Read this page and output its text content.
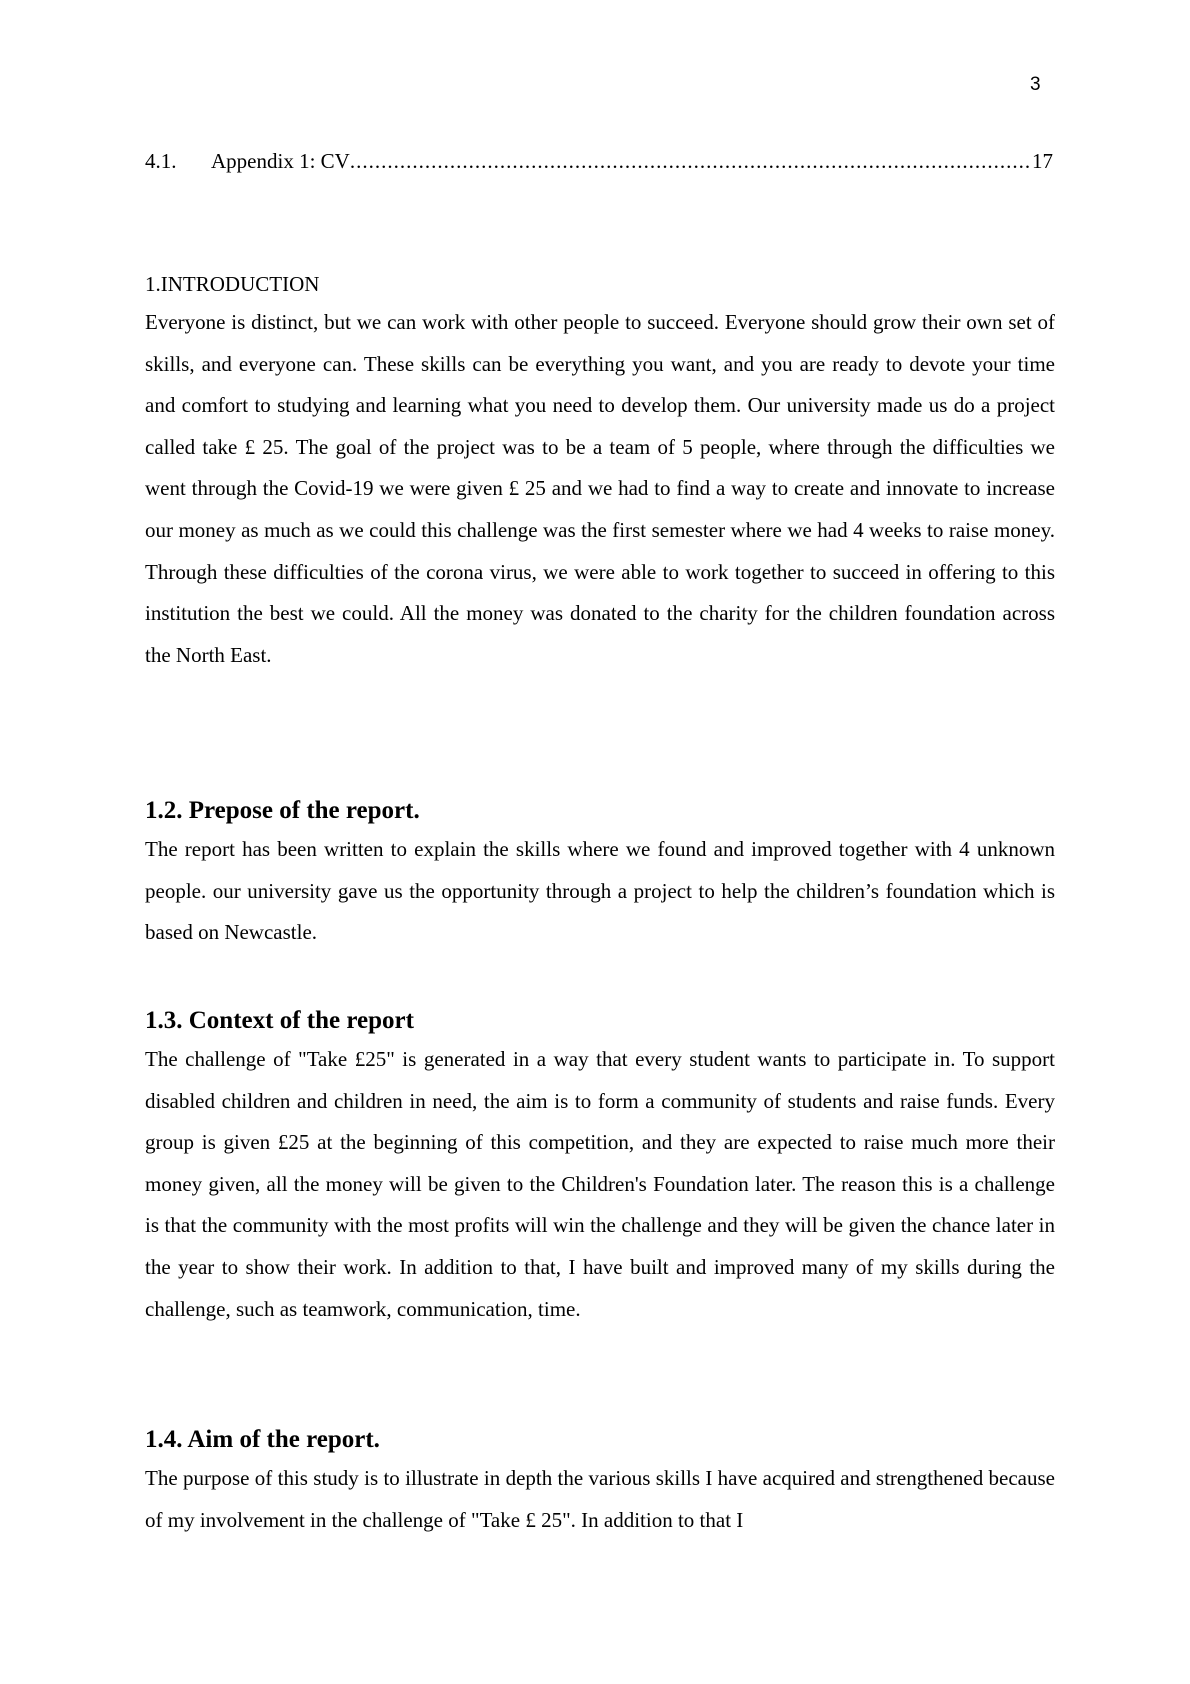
3
4.1.	Appendix 1: CV
.....	17
1.INTRODUCTION

Everyone is distinct, but we can work with other people to succeed. Everyone should grow their own set of skills, and everyone can. These skills can be everything you want, and you are ready to devote your time and comfort to studying and learning what you need to develop them. Our university made us do a project called take £ 25. The goal of the project was to be a team of 5 people, where through the difficulties we went through the Covid-19 we were given £ 25 and we had to find a way to create and innovate to increase our money as much as we could this challenge was the first semester where we had 4 weeks to raise money. Through these difficulties of the corona virus, we were able to work together to succeed in offering to this institution the best we could. All the money was donated to the charity for the children foundation across the North East.

1.2. Prepose of the report.

The report has been written to explain the skills where we found and improved together with 4 unknown people. our university gave us the opportunity through a project to help the children’s foundation which is based on Newcastle.

1.3. Context of the report

The challenge of "Take £25" is generated in a way that every student wants to participate in. To support disabled children and children in need, the aim is to form a community of students and raise funds. Every group is given £25 at the beginning of this competition, and they are expected to raise much more their money given, all the money will be given to the Children's Foundation later. The reason this is a challenge is that the community with the most profits will win the challenge and they will be given the chance later in the year to show their work. In addition to that, I have built and improved many of my skills during the challenge, such as teamwork, communication, time.

1.4. Aim of the report.

The purpose of this study is to illustrate in depth the various skills I have acquired and strengthened because of my involvement in the challenge of "Take £ 25". In addition to that I
